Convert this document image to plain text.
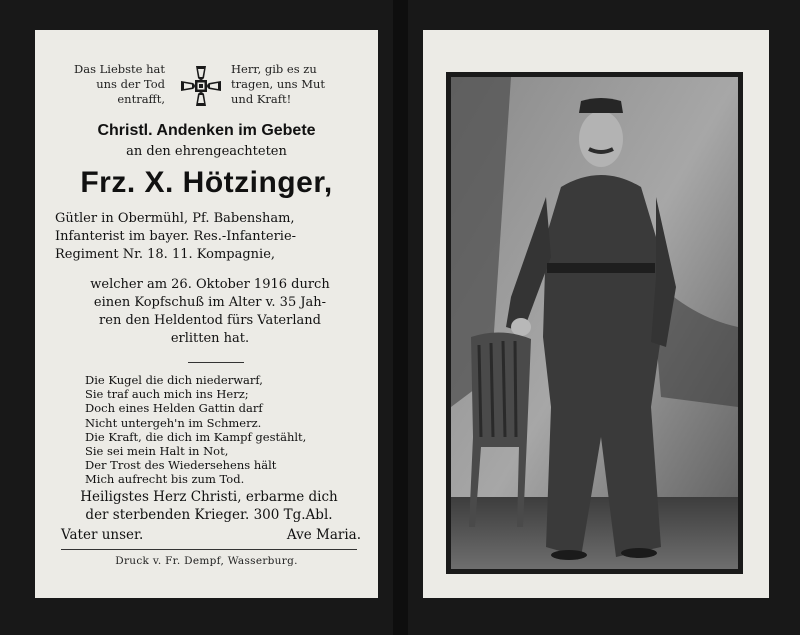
Das Liebste hat
uns der Tod
entrafft,
Herr, gib es zu
tragen, uns Mut
und Kraft!
Christl. Andenken im Gebete
an den ehrengeachteten
Frz. X. Hötzinger,
Gütler in Obermühl, Pf. Babensham,
Infanterist im bayer. Res.-Infanterie-
Regiment Nr. 18. 11. Kompagnie,
welcher am 26. Oktober 1916 durch
einen Kopfschuß im Alter v. 35 Jah-
ren den Heldentod fürs Vaterland
erlitten hat.
Die Kugel die dich niederwarf,
Sie traf auch mich ins Herz;
Doch eines Helden Gattin darf
Nicht untergeh'n im Schmerz.
Die Kraft, die dich im Kampf gestählt,
Sie sei mein Halt in Not,
Der Trost des Wiedersehens hält
Mich aufrecht bis zum Tod.
Heiligstes Herz Christi, erbarme dich
der sterbenden Krieger. 300 Tg.Abl.
Vater unser.	Ave Maria.
Druck v. Fr. Dempf, Wasserburg.
